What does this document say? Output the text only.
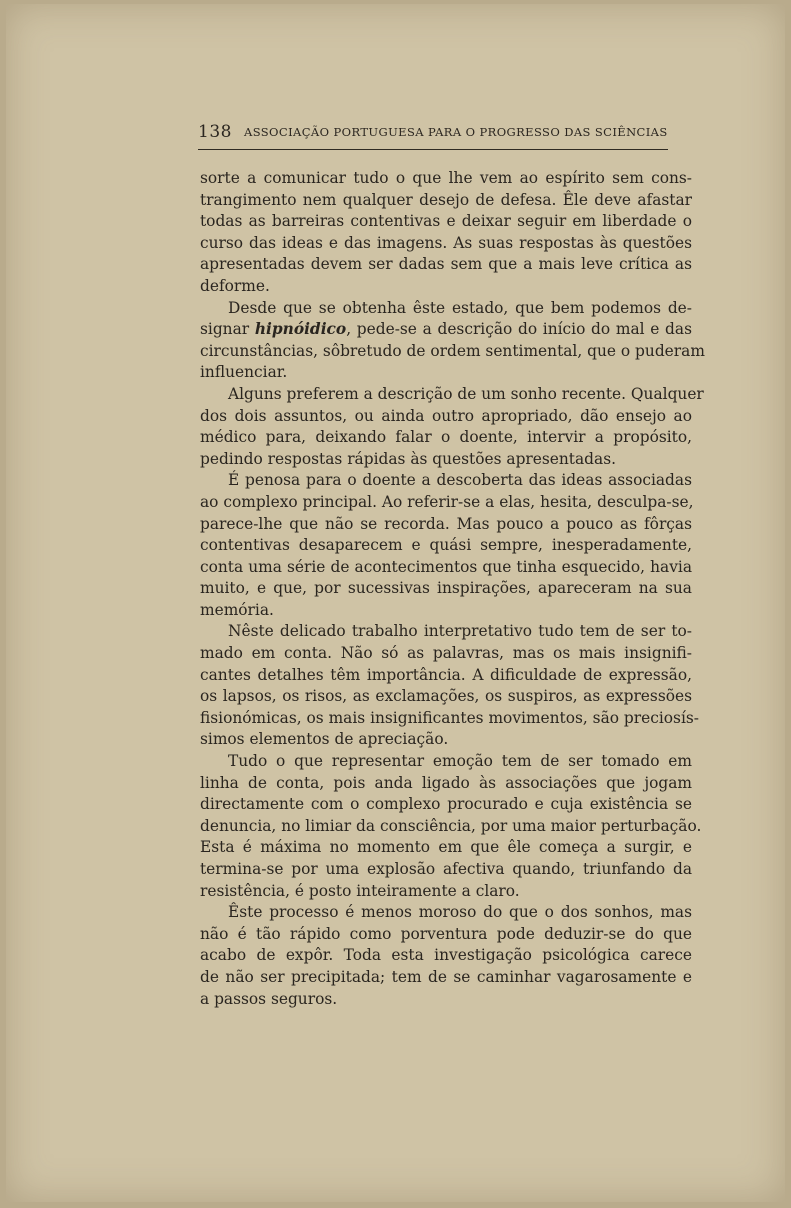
138 ASSOCIAÇÃO PORTUGUESA PARA O PROGRESSO DAS SCIÊNCIAS

sorte a comunicar tudo o que lhe vem ao espírito sem cons-
trangimento nem qualquer desejo de defesa. Êle deve afastar
todas as barreiras contentivas e deixar seguir em liberdade o
curso das ideas e das imagens. As suas respostas às questões
apresentadas devem ser dadas sem que a mais leve crítica as
deforme.

Desde que se obtenha êste estado, que bem podemos de-
signar hipnóidico, pede-se a descrição do início do mal e das
circunstâncias, sôbretudo de ordem sentimental, que o puderam
influenciar.

Alguns preferem a descrição de um sonho recente. Qualquer
dos dois assuntos, ou ainda outro apropriado, dão ensejo ao
médico para, deixando falar o doente, intervir a propósito,
pedindo respostas rápidas às questões apresentadas.

É penosa para o doente a descoberta das ideas associadas
ao complexo principal. Ao referir-se a elas, hesita, desculpa-se,
parece-lhe que não se recorda. Mas pouco a pouco as fôrças
contentivas desaparecem e quási sempre, inesperadamente,
conta uma série de acontecimentos que tinha esquecido, havia
muito, e que, por sucessivas inspirações, apareceram na sua
memória.

Nêste delicado trabalho interpretativo tudo tem de ser to-
mado em conta. Não só as palavras, mas os mais insignifi-
cantes detalhes têm importância. A dificuldade de expressão,
os lapsos, os risos, as exclamações, os suspiros, as expressões
fisionómicas, os mais insignificantes movimentos, são preciosís-
simos elementos de apreciação.

Tudo o que representar emoção tem de ser tomado em
linha de conta, pois anda ligado às associações que jogam
directamente com o complexo procurado e cuja existência se
denuncia, no limiar da consciência, por uma maior perturbação.
Esta é máxima no momento em que êle começa a surgir, e
termina-se por uma explosão afectiva quando, triunfando da
resistência, é posto inteiramente a claro.

Êste processo é menos moroso do que o dos sonhos, mas
não é tão rápido como porventura pode deduzir-se do que
acabo de expôr. Toda esta investigação psicológica carece
de não ser precipitada; tem de se caminhar vagarosamente e
a passos seguros.
